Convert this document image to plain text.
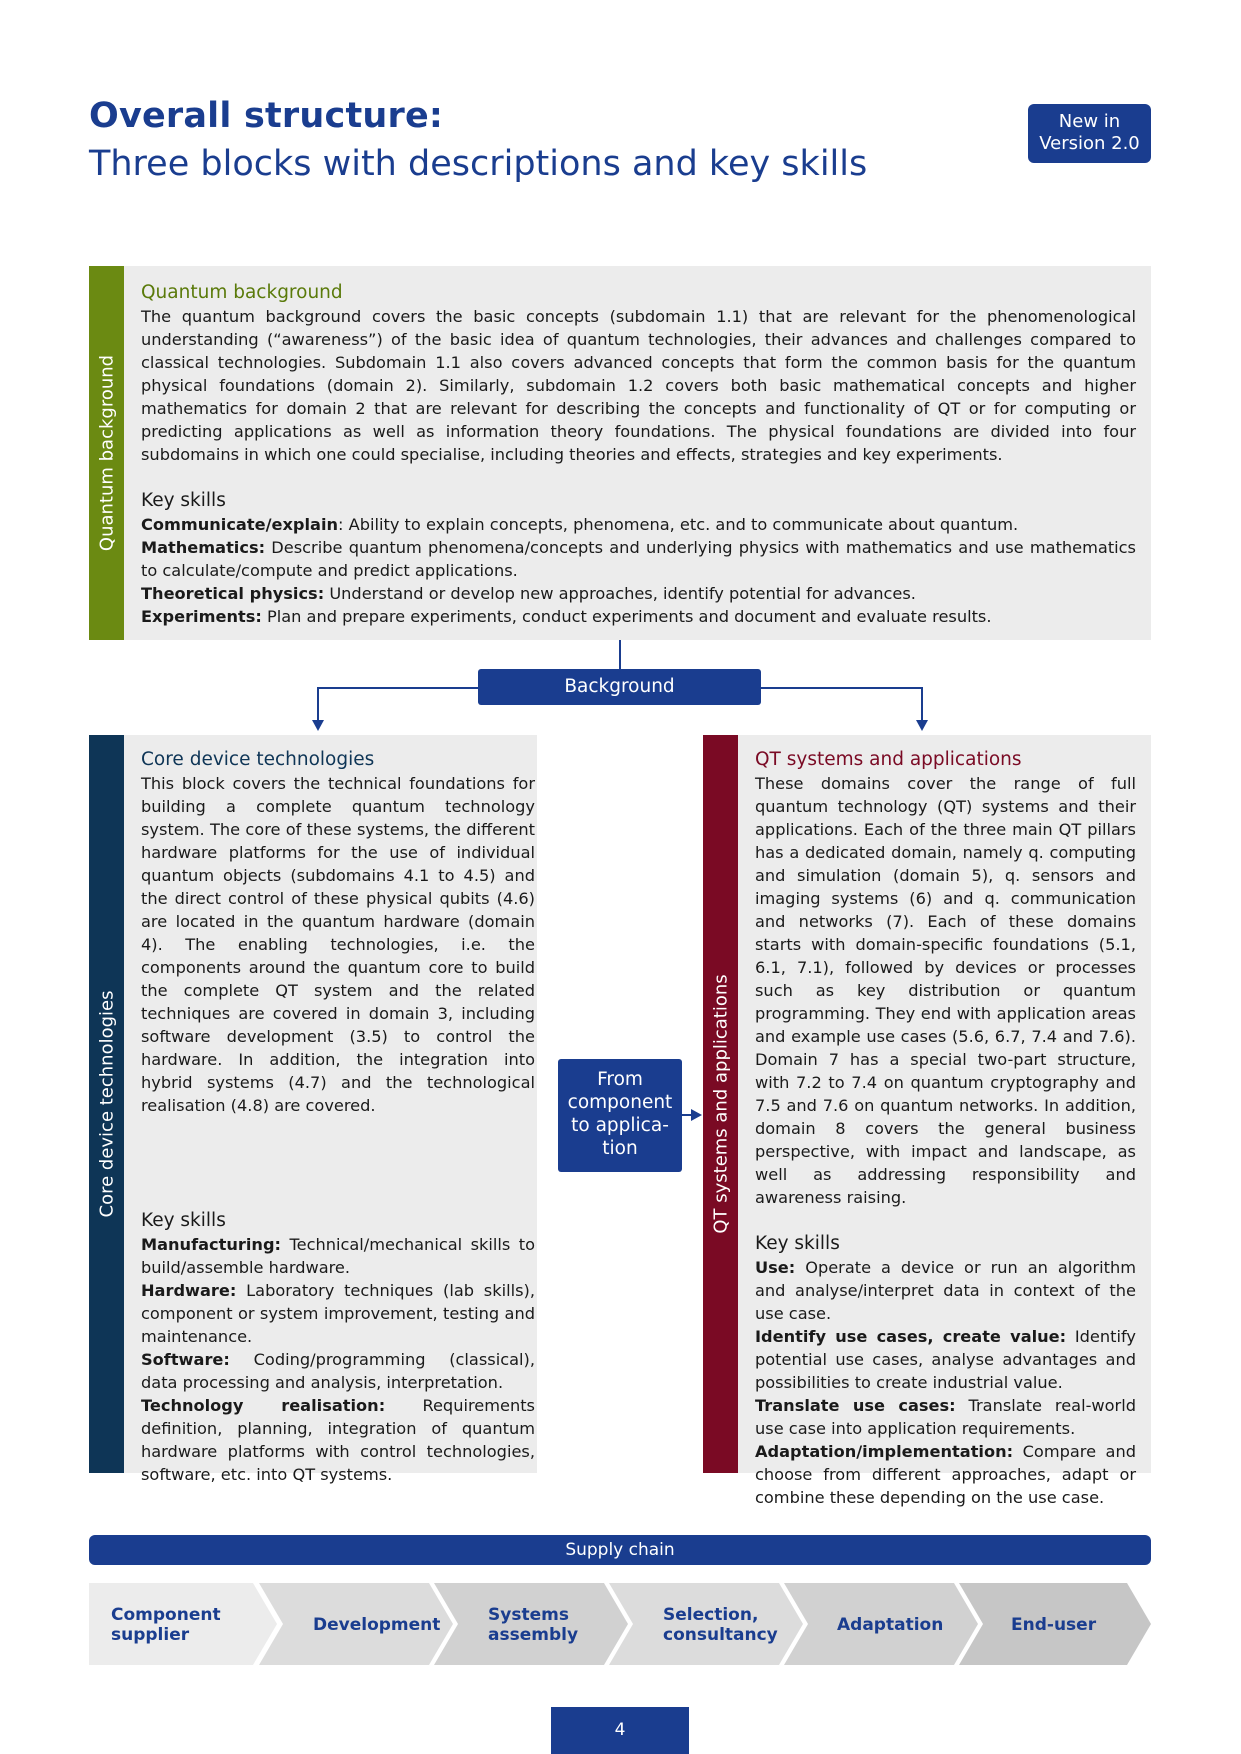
Overall structure:
Three blocks with descriptions and key skills
New in
Version 2.0
Quantum background
Quantum background

The quantum background covers the basic concepts (subdomain 1.1) that are relevant for the phenomenological understanding (“awareness”) of the basic idea of quantum technologies, their advances and challenges compared to classical technologies. Subdomain 1.1 also covers advanced concepts that form the common basis for the quantum physical foundations (domain 2). Similarly, subdomain 1.2 covers both basic mathematical concepts and higher mathematics for domain 2 that are relevant for describing the concepts and functionality of QT or for computing or predicting applications as well as information theory foundations. The physical foundations are divided into four subdomains in which one could specialise, including theories and effects, strategies and key experiments.

Key skills
Communicate/explain: Ability to explain concepts, phenomena, etc. and to communicate about quantum.
Mathematics: Describe quantum phenomena/concepts and underlying physics with mathematics and use mathematics to calculate/compute and predict applications.
Theoretical physics: Understand or develop new approaches, identify potential for advances.
Experiments: Plan and prepare experiments, conduct experiments and document and evaluate results.
Background
Core device technologies
Core device technologies

This block covers the technical foundations for building a complete quantum technology system. The core of these systems, the different hardware platforms for the use of individual quantum objects (subdomains 4.1 to 4.5) and the direct control of these physical qubits (4.6) are located in the quantum hardware (domain 4). The enabling technologies, i.e. the components around the quantum core to build the complete QT system and the related techniques are covered in domain 3, including software development (3.5) to control the hardware. In addition, the integration into hybrid systems (4.7) and the technological realisation (4.8) are covered.

Key skills
Manufacturing: Technical/mechanical skills to build/assemble hardware.
Hardware: Laboratory techniques (lab skills), component or system improvement, testing and maintenance.
Software: Coding/programming (classical), data processing and analysis, interpretation.
Technology realisation: Requirements definition, planning, integration of quantum hardware platforms with control technologies, software, etc. into QT systems.
From
component
to applica-
tion	QT systems and applications
QT systems and applications

These domains cover the range of full quantum technology (QT) systems and their applications. Each of the three main QT pillars has a dedicated domain, namely q. computing and simulation (domain 5), q. sensors and imaging systems (6) and q. communication and networks (7). Each of these domains starts with domain-specific foundations (5.1, 6.1, 7.1), followed by devices or processes such as key distribution or quantum programming. They end with application areas and example use cases (5.6, 6.7, 7.4 and 7.6). Domain 7 has a special two-part structure, with 7.2 to 7.4 on quantum cryptography and 7.5 and 7.6 on quantum networks. In addition, domain 8 covers the general business perspective, with impact and landscape, as well as addressing responsibility and awareness raising.

Key skills
Use: Operate a device or run an algorithm and analyse/interpret data in context of the use case.
Identify use cases, create value: Identify potential use cases, analyse advantages and possibilities to create industrial value.
Translate use cases: Translate real-world use case into application requirements.
Adaptation/implementation: Compare and choose from different approaches, adapt or combine these depending on the use case.
Supply chain
Component
supplier	Development	Systems
assembly
Selection,
consultancy	Adaptation	End-user
4
